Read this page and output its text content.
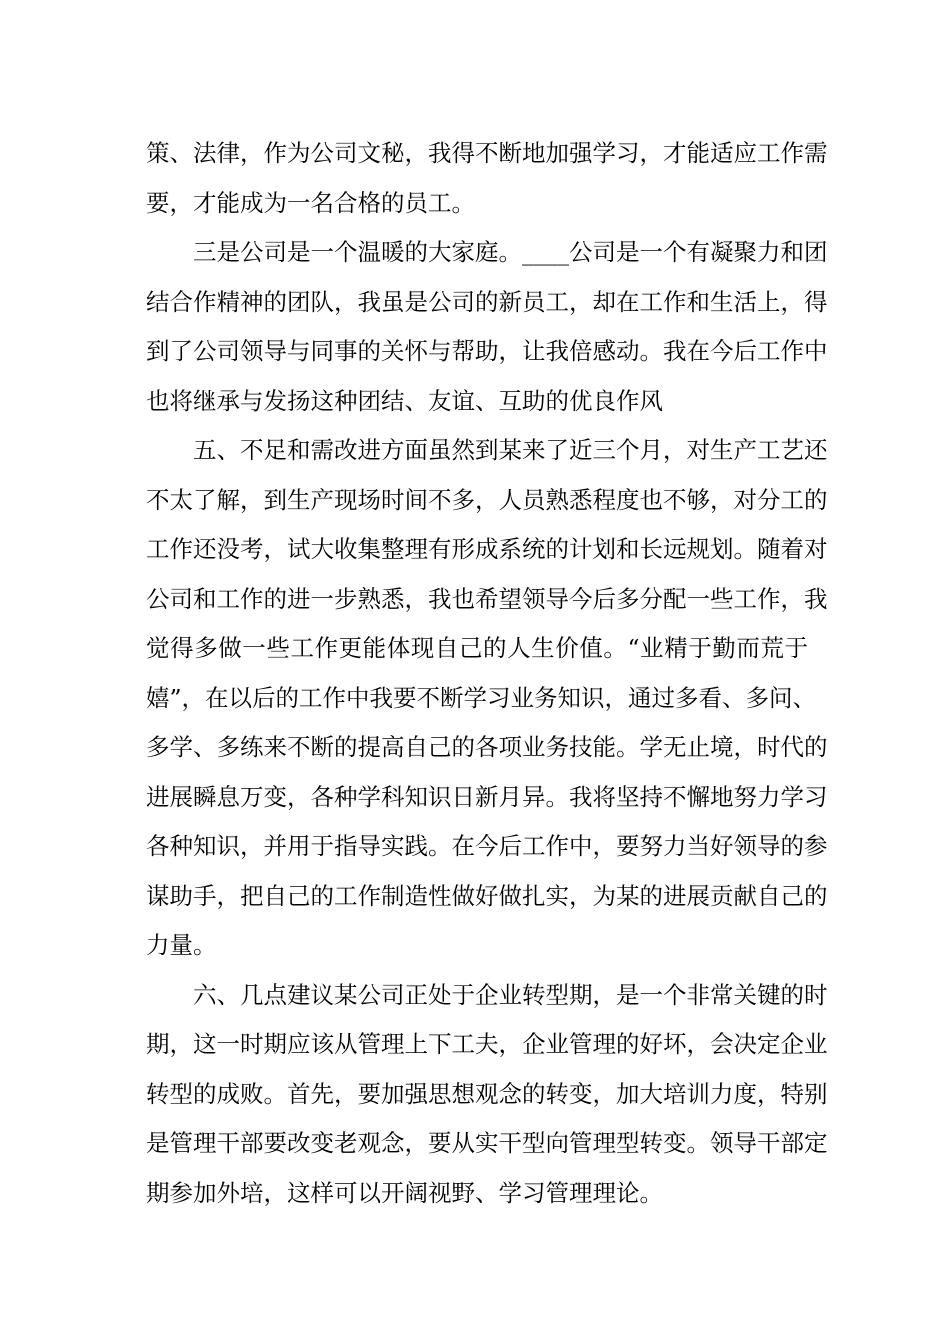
策、法律，作为公司文秘，我得不断地加强学习，才能适应工作需
要，才能成为一名合格的员工。
　　三是公司是一个温暖的大家庭。____公司是一个有凝聚力和团
结合作精神的团队，我虽是公司的新员工，却在工作和生活上，得
到了公司领导与同事的关怀与帮助，让我倍感动。我在今后工作中
也将继承与发扬这种团结、友谊、互助的优良作风
　　五、不足和需改进方面虽然到某来了近三个月，对生产工艺还
不太了解，到生产现场时间不多，人员熟悉程度也不够，对分工的
工作还没考，试大收集整理有形成系统的计划和长远规划。随着对
公司和工作的进一步熟悉，我也希望领导今后多分配一些工作，我
觉得多做一些工作更能体现自己的人生价值。“业精于勤而荒于
嬉”，在以后的工作中我要不断学习业务知识，通过多看、多问、
多学、多练来不断的提高自己的各项业务技能。学无止境，时代的
进展瞬息万变，各种学科知识日新月异。我将坚持不懈地努力学习
各种知识，并用于指导实践。在今后工作中，要努力当好领导的参
谋助手，把自己的工作制造性做好做扎实，为某的进展贡献自己的
力量。
　　六、几点建议某公司正处于企业转型期，是一个非常关键的时
期，这一时期应该从管理上下工夫，企业管理的好坏，会决定企业
转型的成败。首先，要加强思想观念的转变，加大培训力度，特别
是管理干部要改变老观念，要从实干型向管理型转变。领导干部定
期参加外培，这样可以开阔视野、学习管理理论。
